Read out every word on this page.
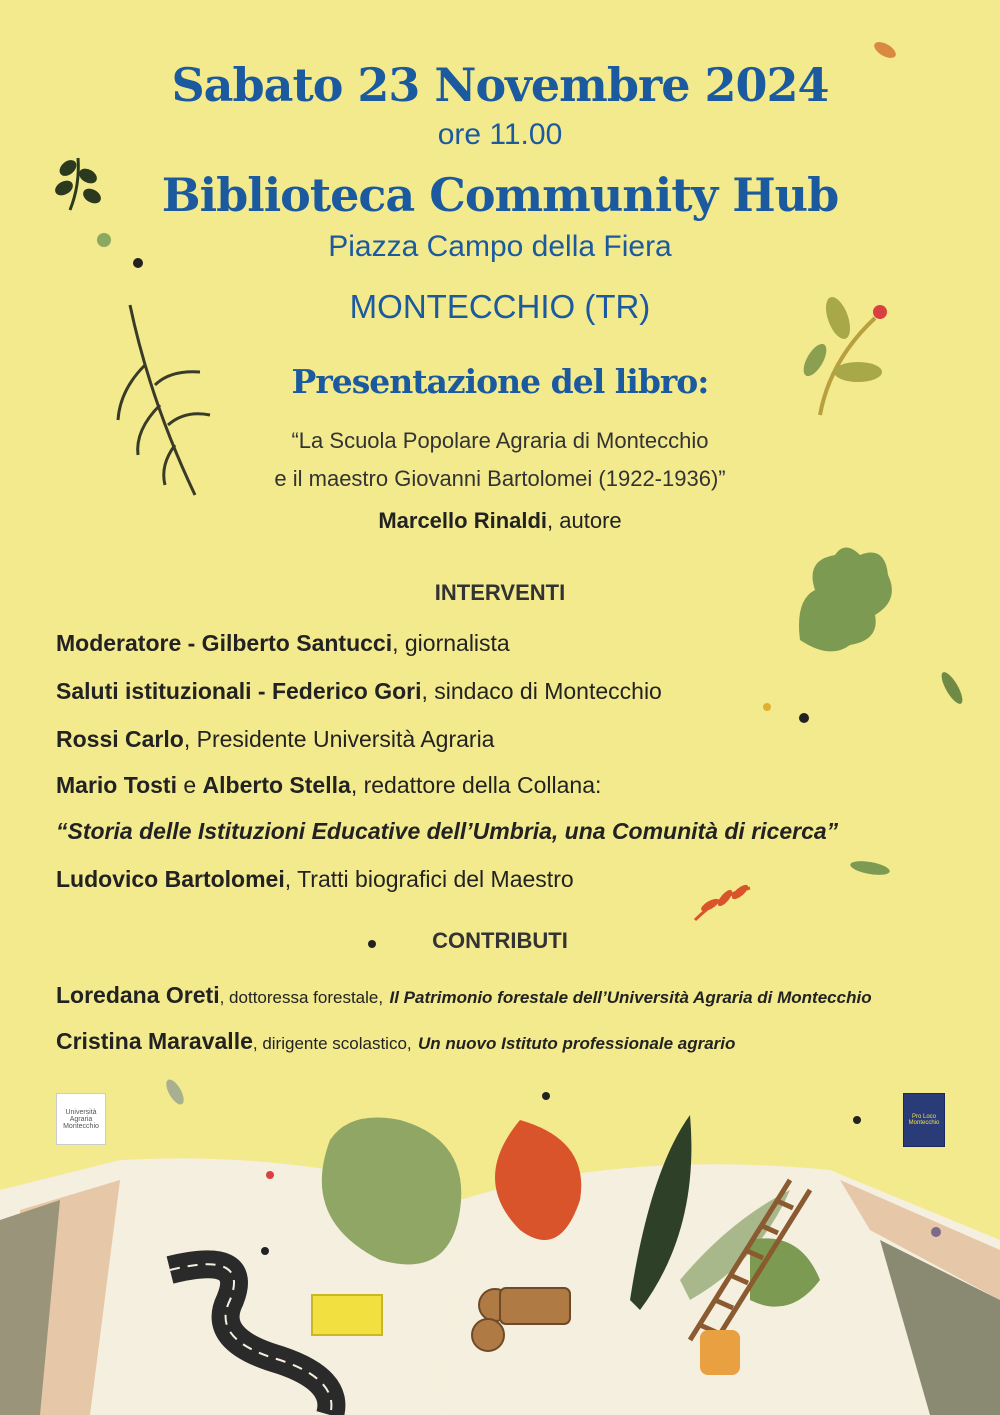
Sabato 23 Novembre 2024
ore 11.00
Biblioteca Community Hub
Piazza Campo della Fiera
MONTECCHIO (TR)
Presentazione del libro:
“La Scuola Popolare Agraria di Montecchio
e il maestro Giovanni Bartolomei (1922-1936)”
Marcello Rinaldi, autore
INTERVENTI
Moderatore - Gilberto Santucci, giornalista
Saluti istituzionali - Federico Gori, sindaco di Montecchio
Rossi Carlo, Presidente Università Agraria
Mario Tosti e Alberto Stella, redattore della Collana:
“Storia delle Istituzioni Educative dell’Umbria, una Comunità di ricerca”
Ludovico Bartolomei, Tratti biografici del Maestro
CONTRIBUTI
Loredana Oreti, dottoressa forestale, Il Patrimonio forestale dell’Università Agraria di Montecchio
Cristina Maravalle, dirigente scolastico, Un nuovo Istituto professionale agrario
Università Agraria Montecchio
Pro Loco Montecchio
